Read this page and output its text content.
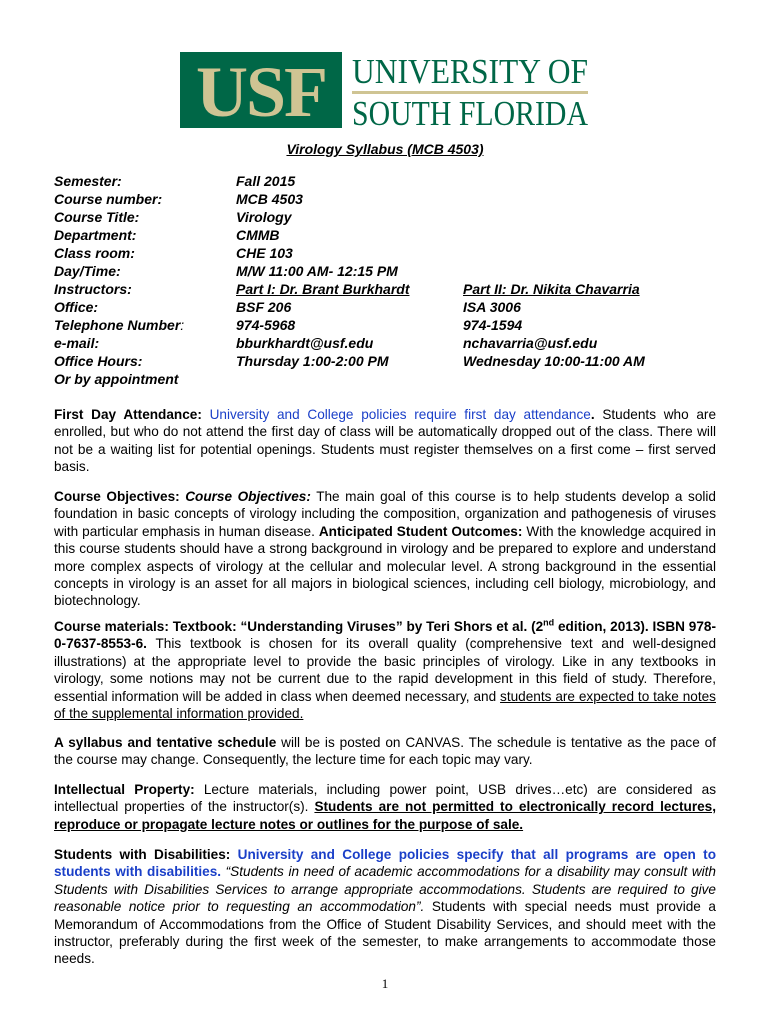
USF UNIVERSITY OF
SOUTH FLORIDA
Virology Syllabus (MCB 4503)
Semester:	Fall 2015
Course number:	MCB 4503
Course Title:	Virology
Department:	CMMB
Class room:	CHE 103
Day/Time:	M/W 11:00 AM- 12:15 PM
Instructors:	Part I: Dr. Brant Burkhardt	Part II: Dr. Nikita Chavarria
Office:	BSF 206	ISA 3006
Telephone Number:	974-5968	974-1594
e-mail:	bburkhardt@usf.edu	nchavarria@usf.edu
Office Hours:	Thursday 1:00-2:00 PM	Wednesday 10:00-11:00 AM
Or by appointment
First Day Attendance: University and College policies require first day attendance. Students who are enrolled, but who do not attend the first day of class will be automatically dropped out of the class. There will not be a waiting list for potential openings. Students must register themselves on a first come – first served basis.
Course Objectives: Course Objectives: The main goal of this course is to help students develop a solid foundation in basic concepts of virology including the composition, organization and pathogenesis of viruses with particular emphasis in human disease. Anticipated Student Outcomes: With the knowledge acquired in this course students should have a strong background in virology and be prepared to explore and understand more complex aspects of virology at the cellular and molecular level. A strong background in the essential concepts in virology is an asset for all majors in biological sciences, including cell biology, microbiology, and biotechnology.
Course materials: Textbook: “Understanding Viruses” by Teri Shors et al. (2nd edition, 2013). ISBN 978-0-7637-8553-6. This textbook is chosen for its overall quality (comprehensive text and well-designed illustrations) at the appropriate level to provide the basic principles of virology. Like in any textbooks in virology, some notions may not be current due to the rapid development in this field of study. Therefore, essential information will be added in class when deemed necessary, and students are expected to take notes of the supplemental information provided.
A syllabus and tentative schedule will be is posted on CANVAS. The schedule is tentative as the pace of the course may change. Consequently, the lecture time for each topic may vary.
Intellectual Property: Lecture materials, including power point, USB drives…etc) are considered as intellectual properties of the instructor(s). Students are not permitted to electronically record lectures, reproduce or propagate lecture notes or outlines for the purpose of sale.
Students with Disabilities: University and College policies specify that all programs are open to students with disabilities. “Students in need of academic accommodations for a disability may consult with Students with Disabilities Services to arrange appropriate accommodations. Students are required to give reasonable notice prior to requesting an accommodation”. Students with special needs must provide a Memorandum of Accommodations from the Office of Student Disability Services, and should meet with the instructor, preferably during the first week of the semester, to make arrangements to accommodate those needs.
1
